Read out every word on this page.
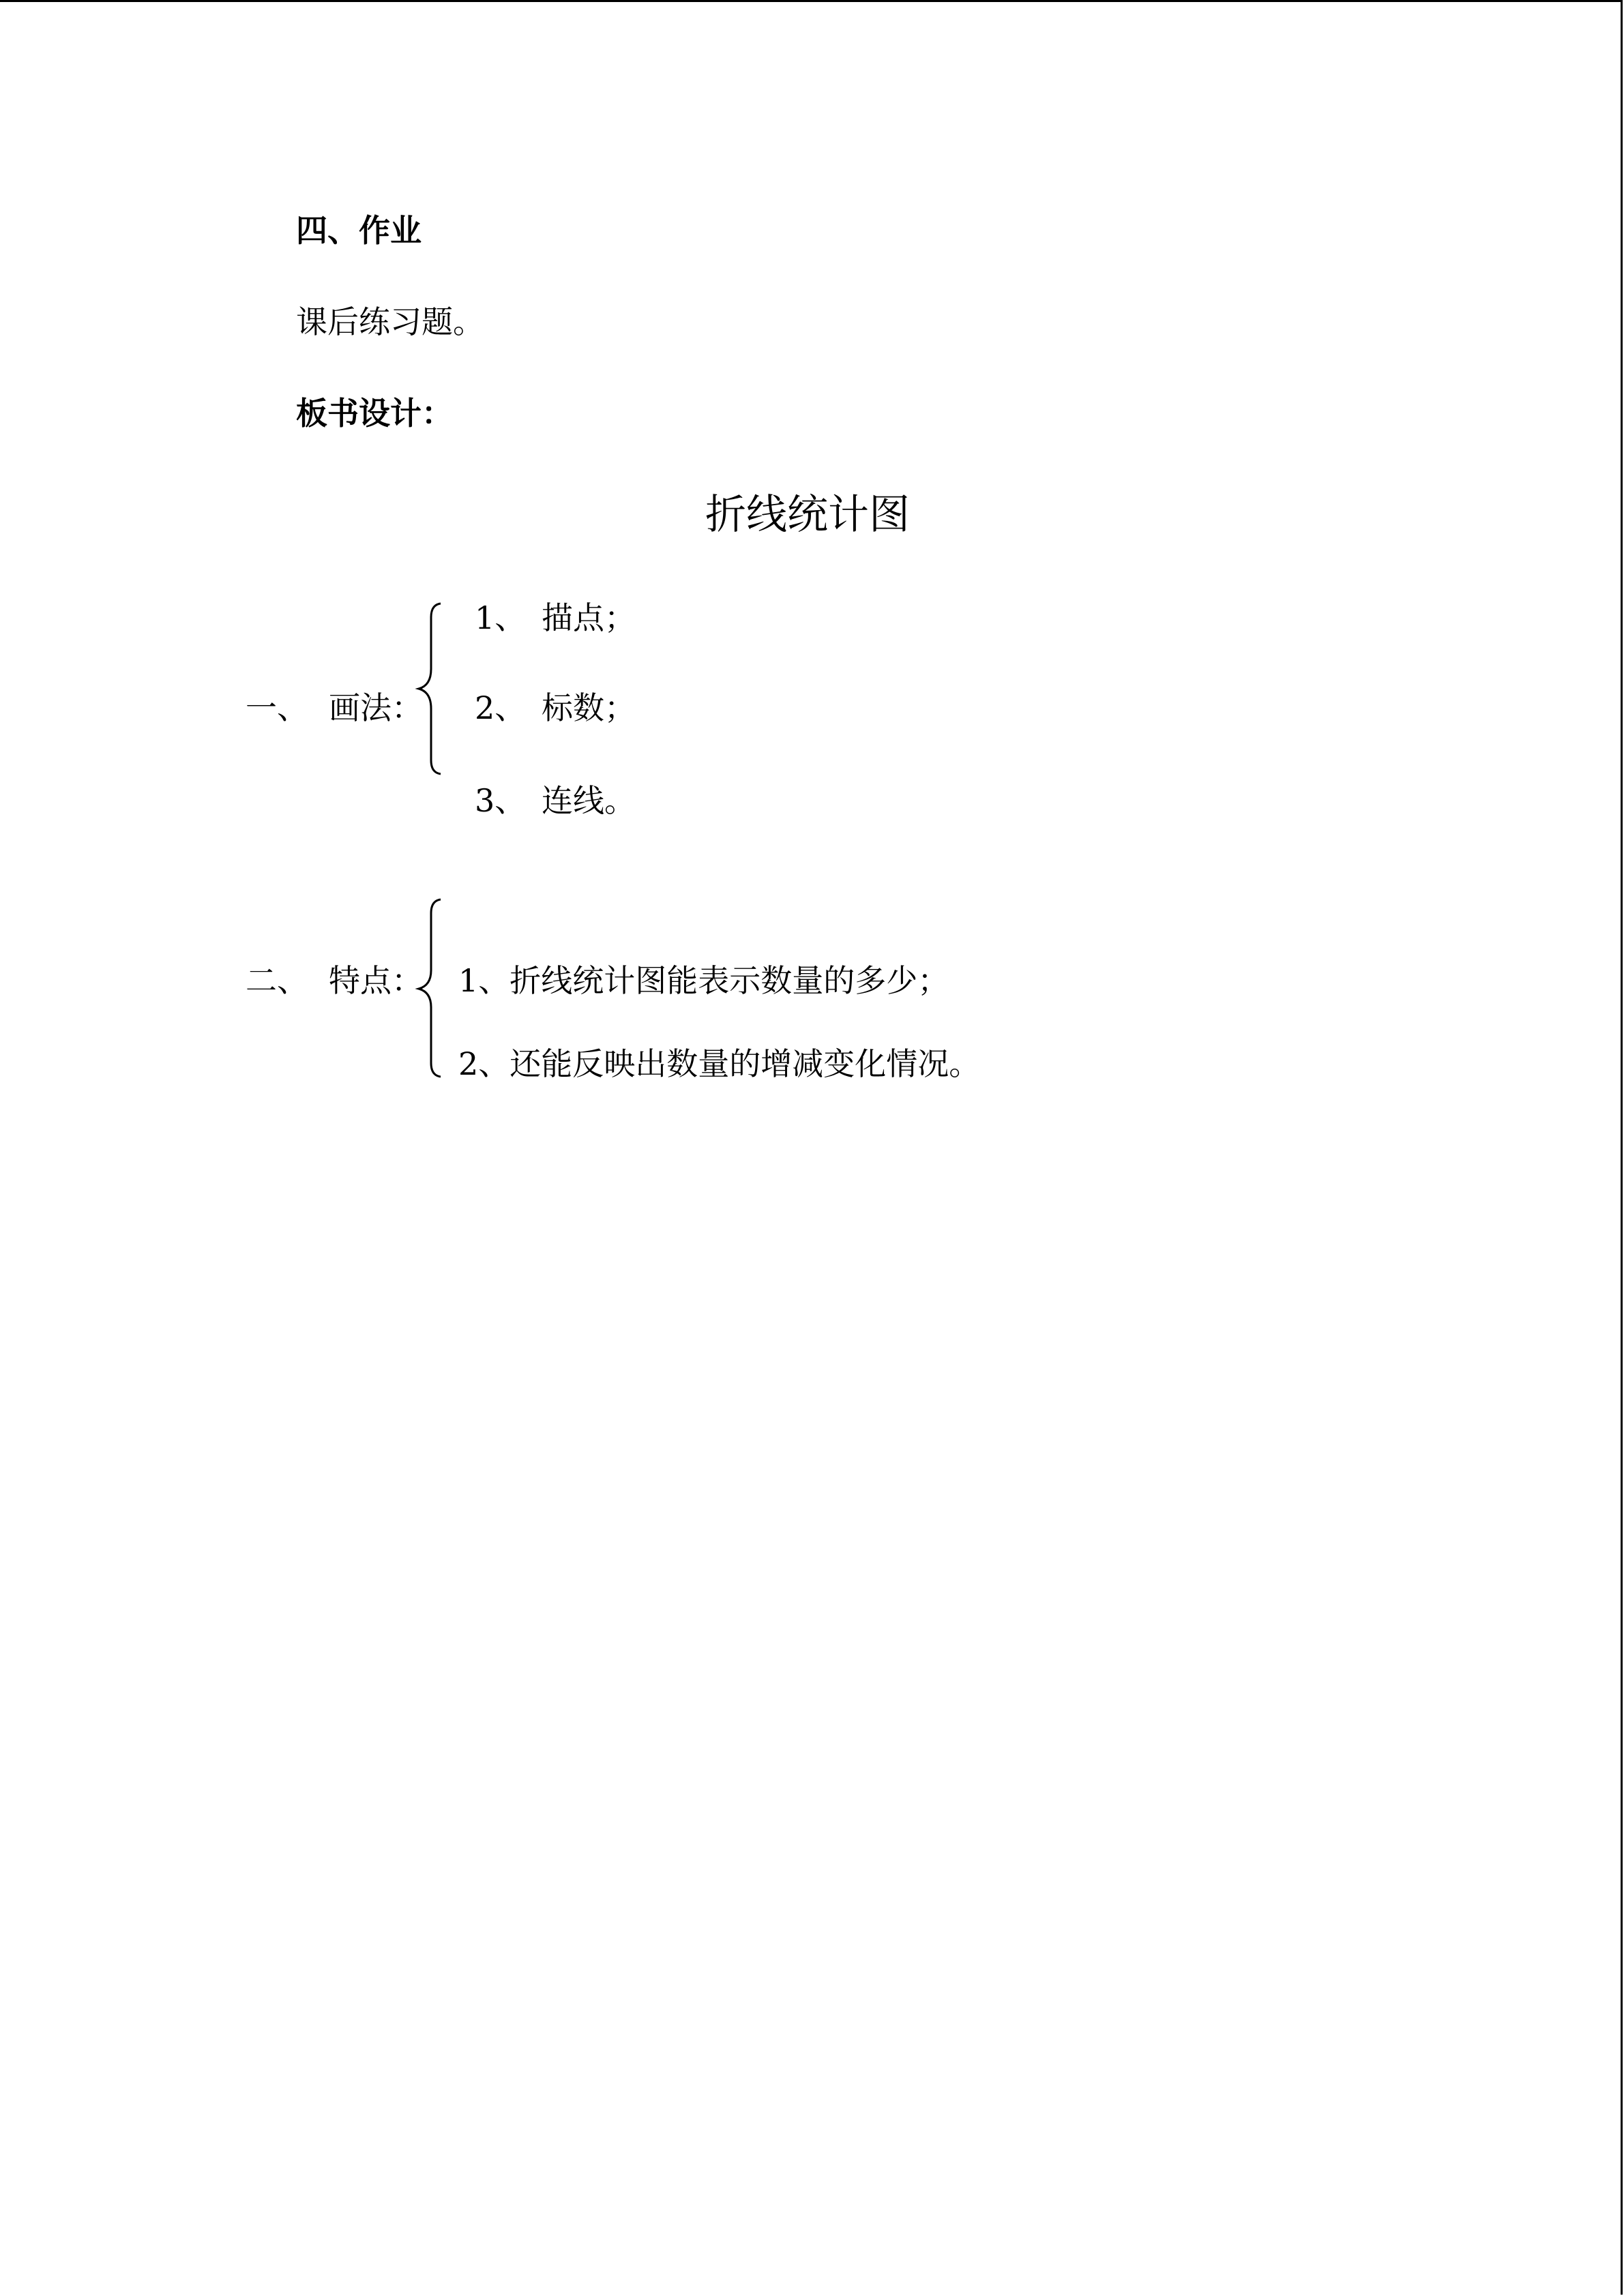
四、作业
课后练习题。
板书设计：
折线统计图
一、 画法：
1、 描点；
2、 标数；
3、 连线。
二、 特点： 1、折线统计图能表示数量的多少；
2、还能反映出数量的增减变化情况。
